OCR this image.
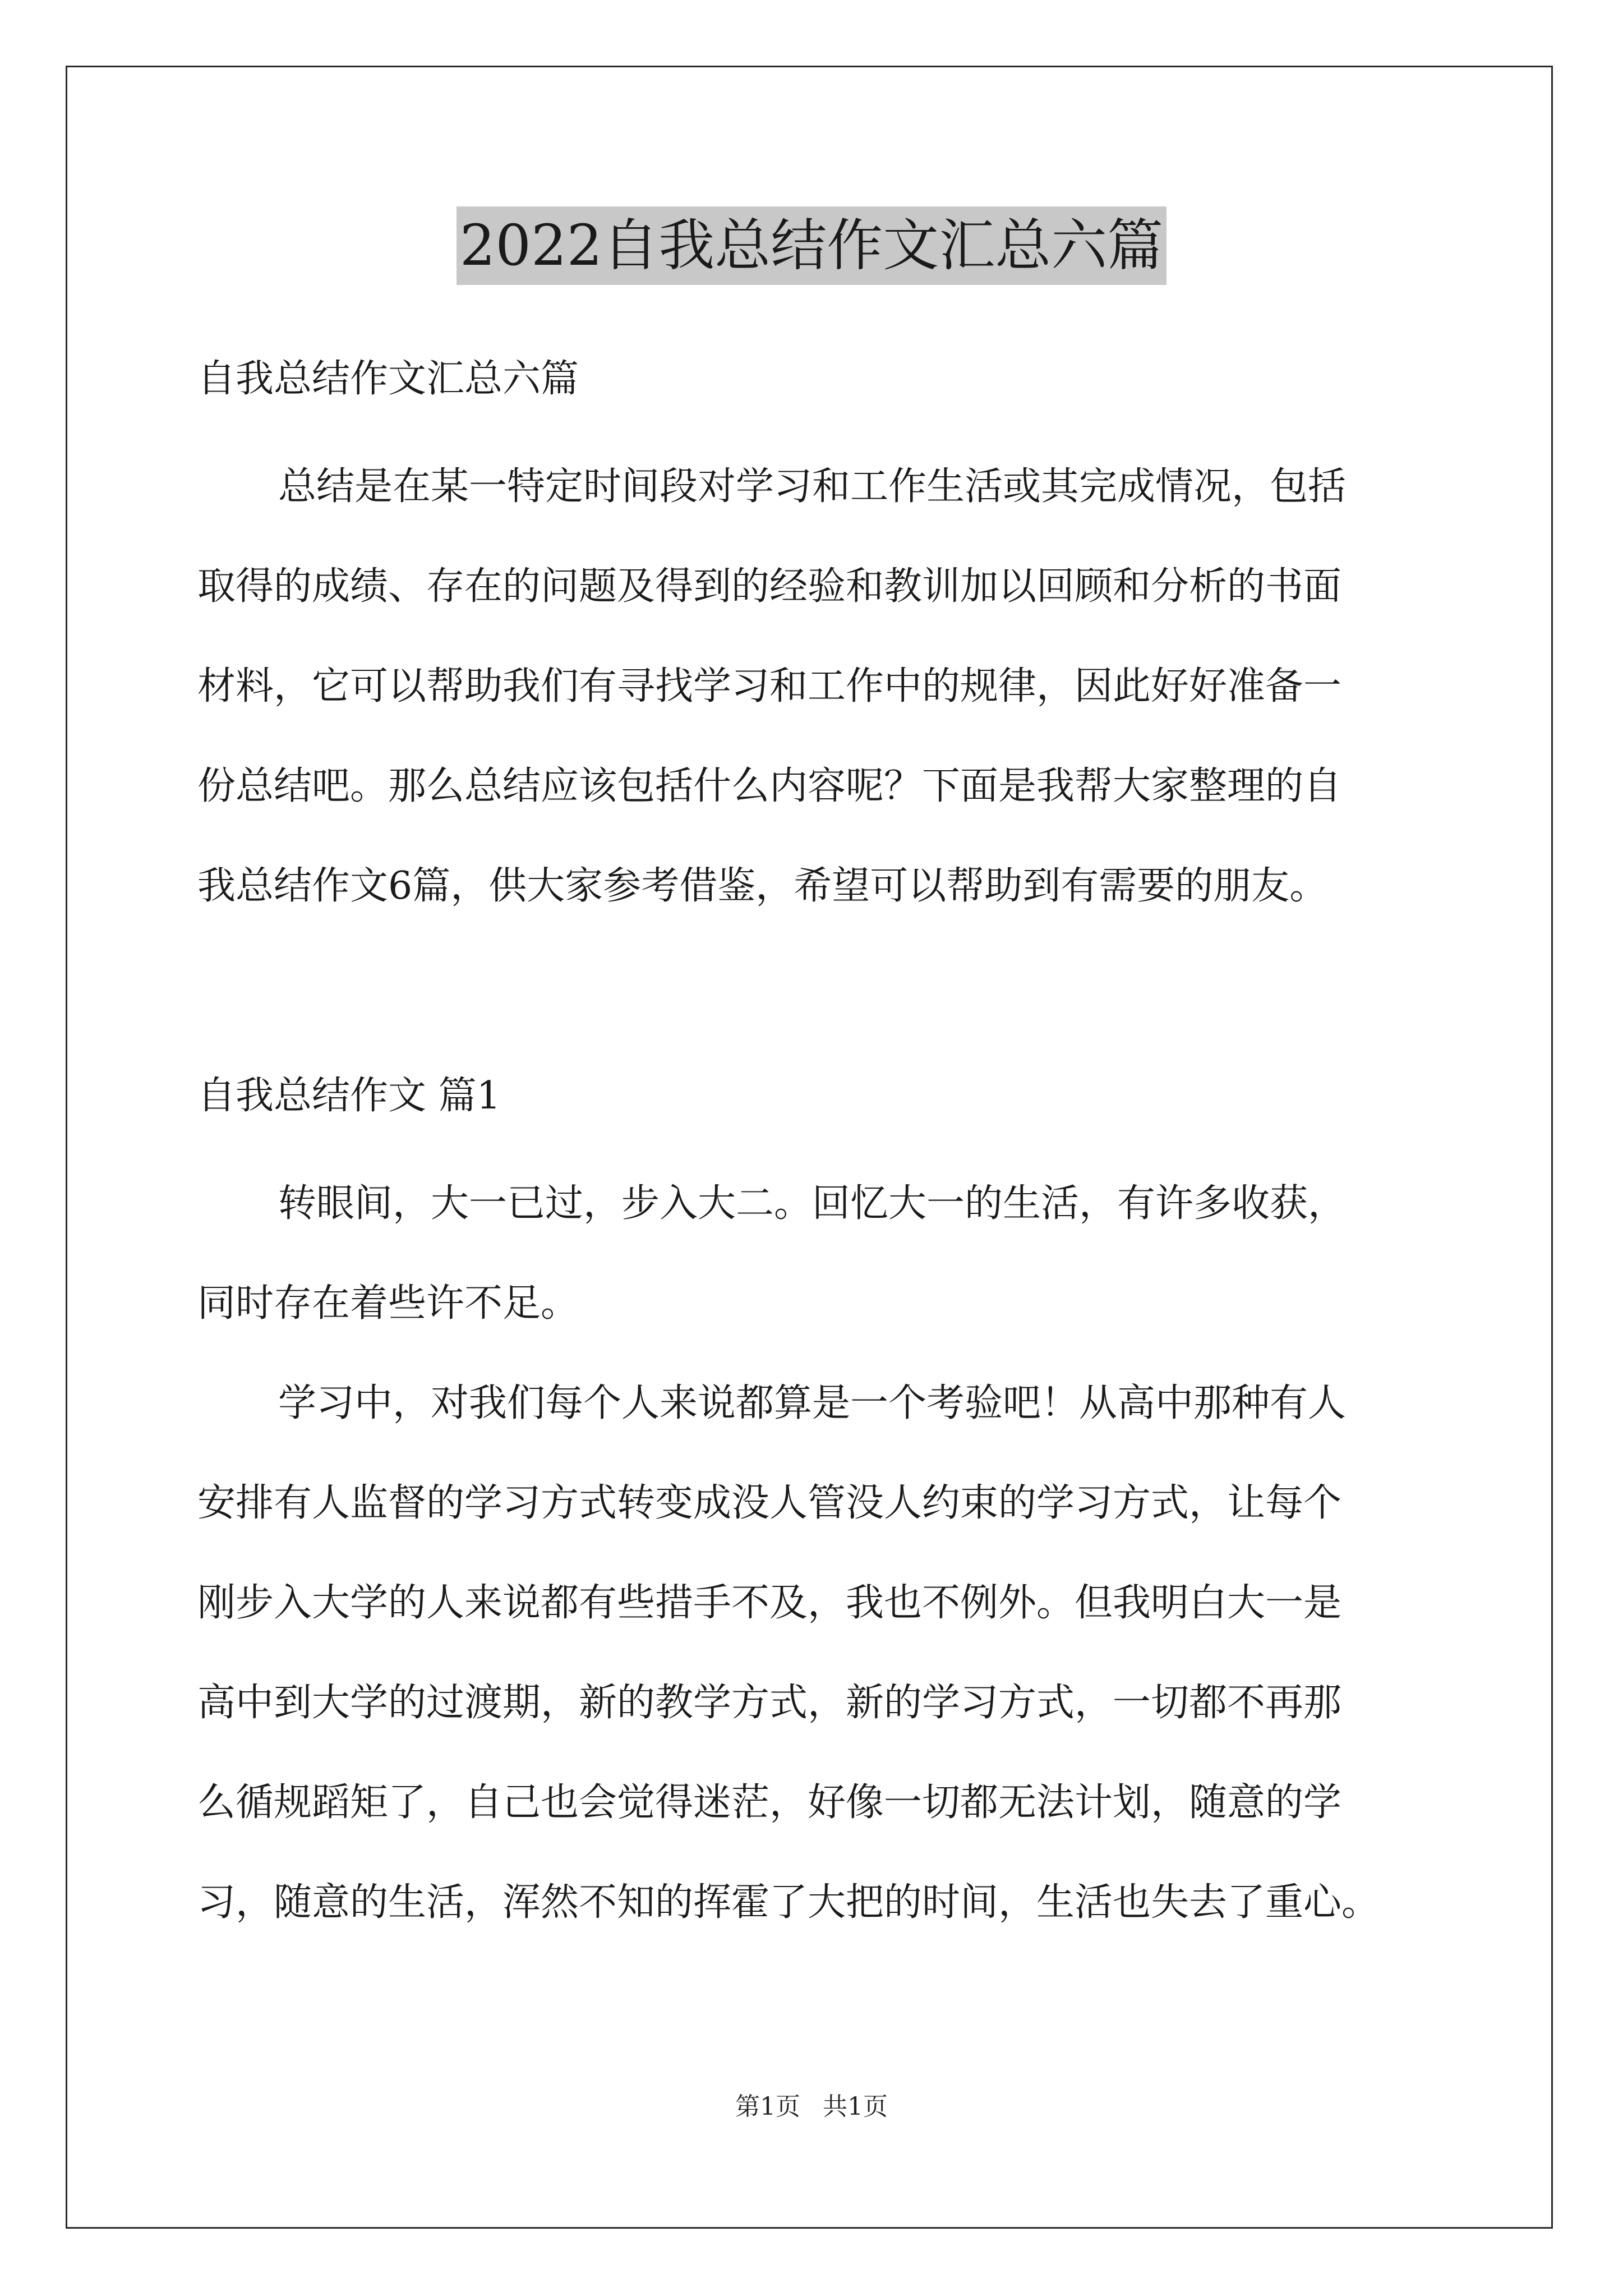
2022自我总结作文汇总六篇
自我总结作文汇总六篇
总结是在某一特定时间段对学习和工作生活或其完成情况，包括
取得的成绩、存在的问题及得到的经验和教训加以回顾和分析的书面
材料，它可以帮助我们有寻找学习和工作中的规律，因此好好准备一
份总结吧。那么总结应该包括什么内容呢？下面是我帮大家整理的自
我总结作文6篇，供大家参考借鉴，希望可以帮助到有需要的朋友。
自我总结作文 篇1
转眼间，大一已过，步入大二。回忆大一的生活，有许多收获，
同时存在着些许不足。
学习中，对我们每个人来说都算是一个考验吧！从高中那种有人
安排有人监督的学习方式转变成没人管没人约束的学习方式，让每个
刚步入大学的人来说都有些措手不及，我也不例外。但我明白大一是
高中到大学的过渡期，新的教学方式，新的学习方式，一切都不再那
么循规蹈矩了，自己也会觉得迷茫，好像一切都无法计划，随意的学
习，随意的生活，浑然不知的挥霍了大把的时间，生活也失去了重心。
第1页 共1页
